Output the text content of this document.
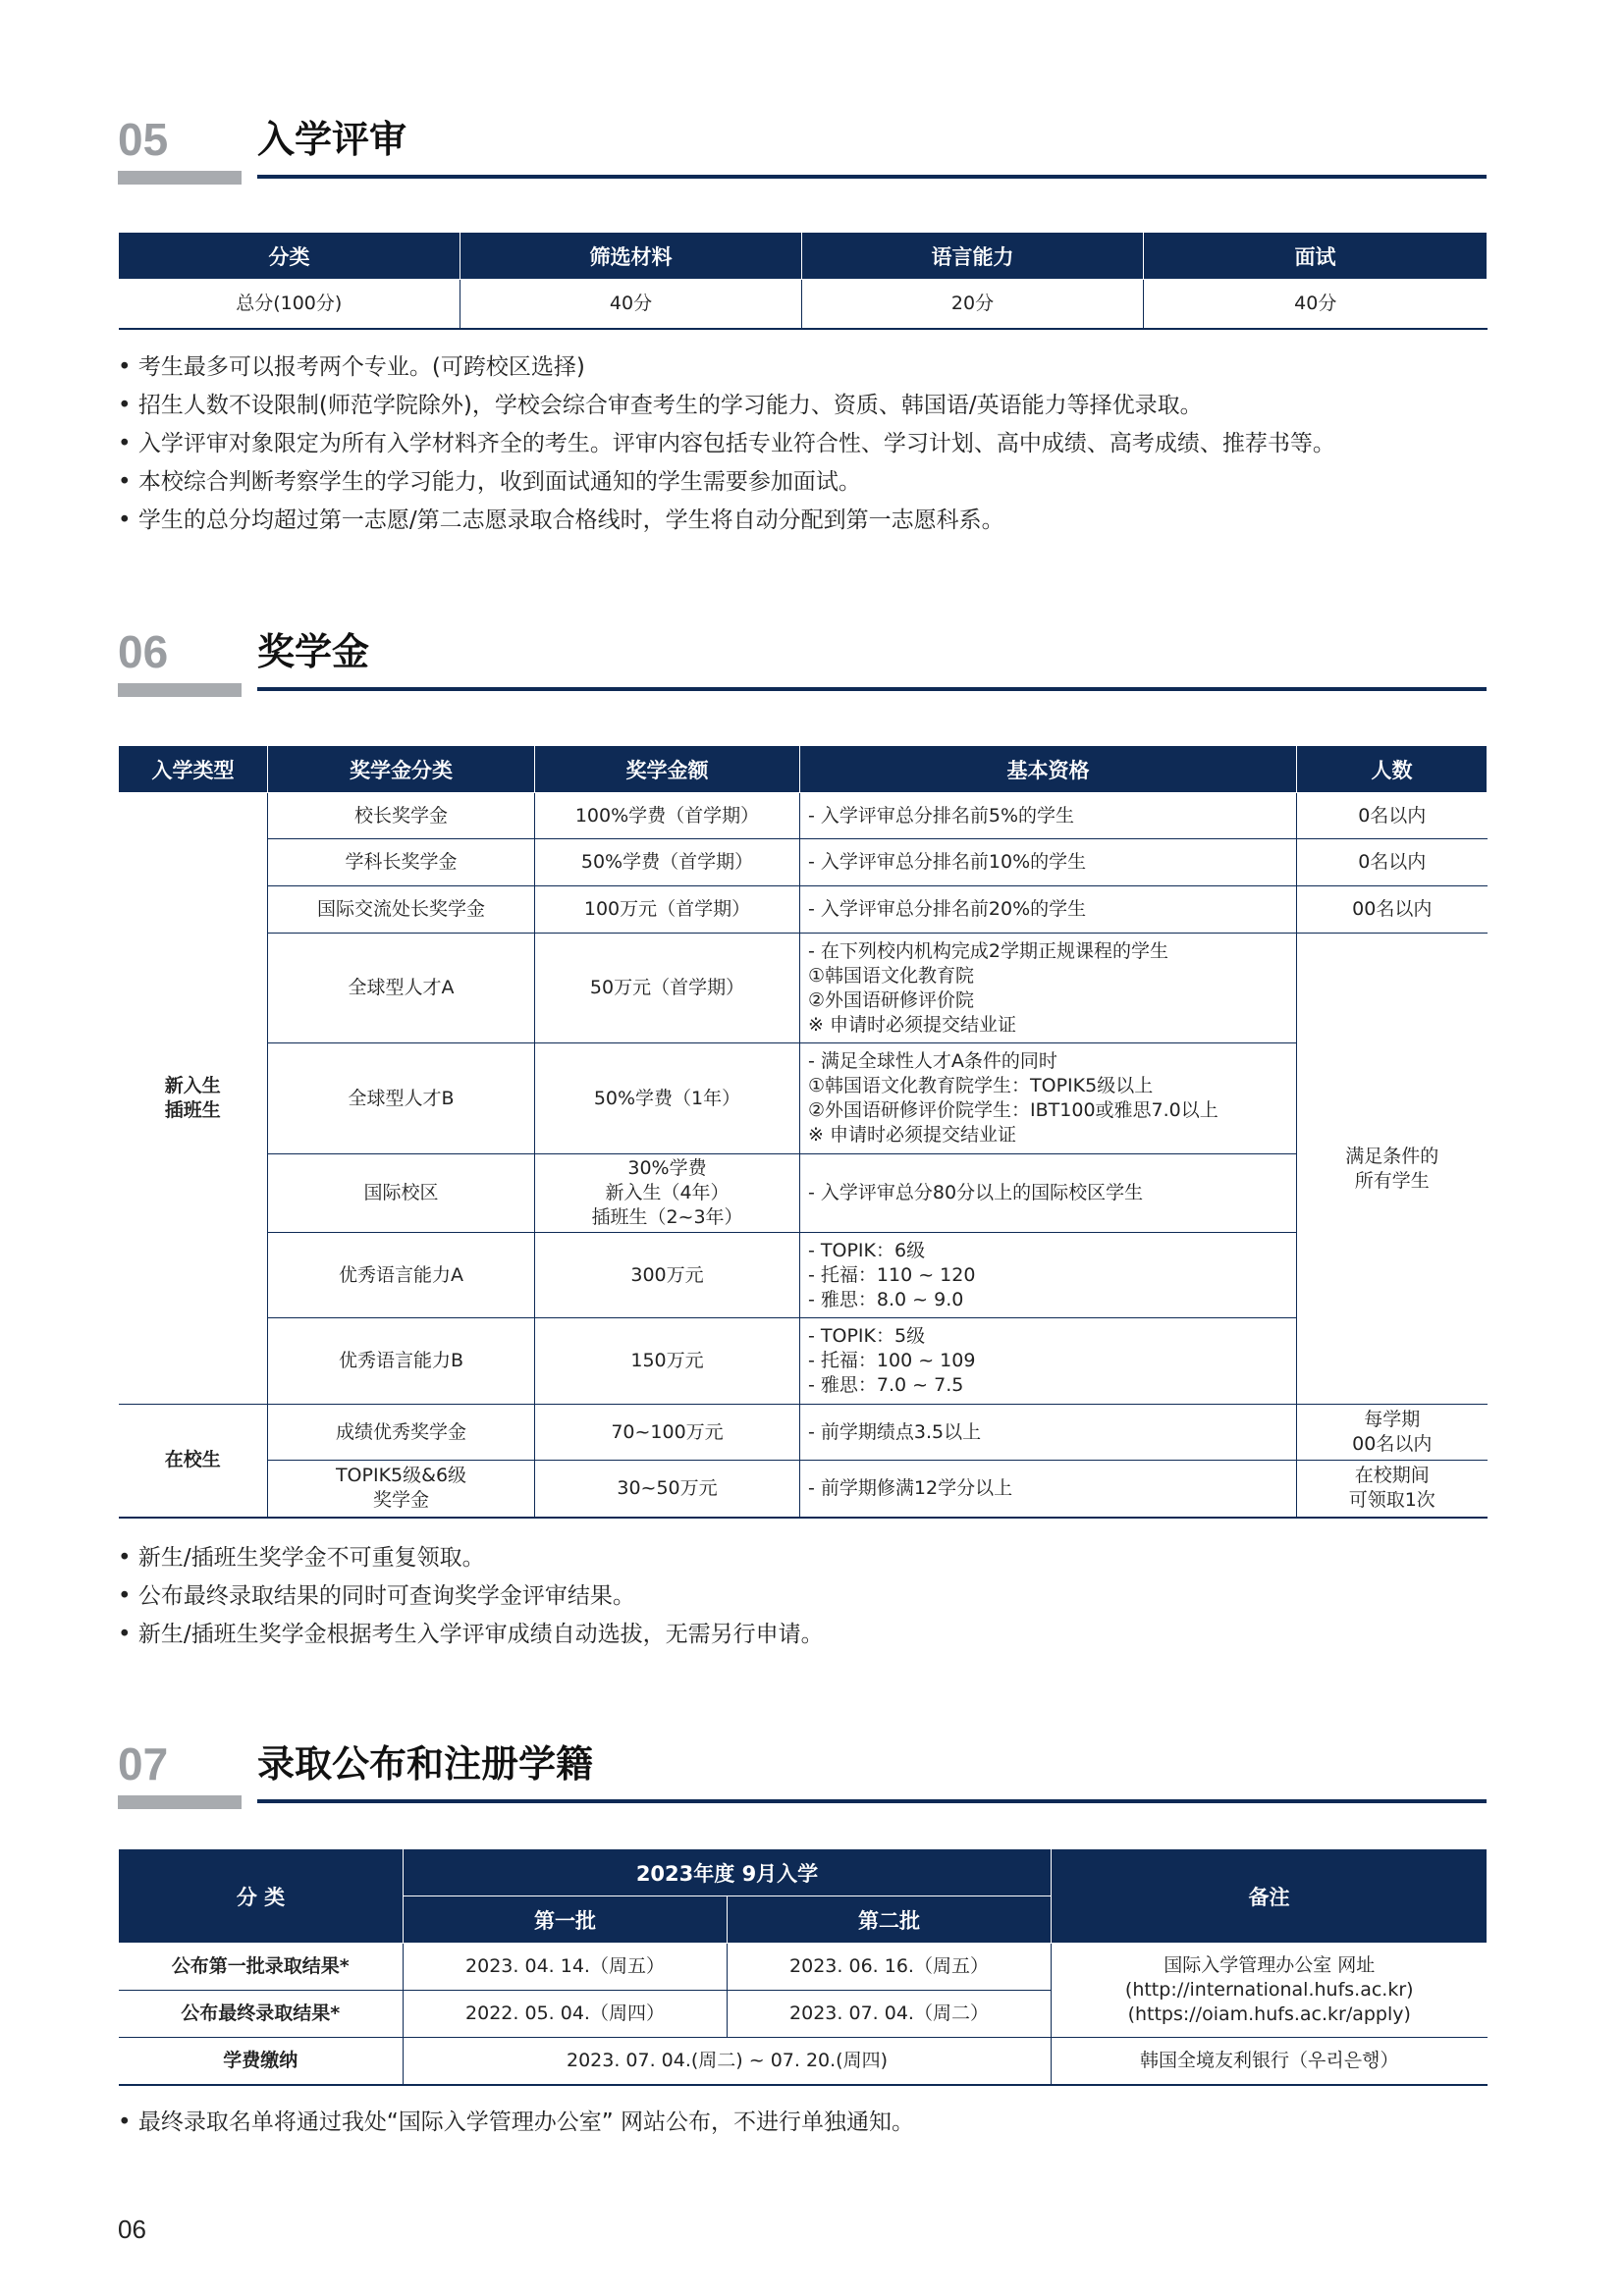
05	入学评审
分类	筛选材料	语言能力	面试
总分(100分)	40分	20分	40分
• 考生最多可以报考两个专业。(可跨校区选择)
• 招生人数不设限制(师范学院除外)，学校会综合审查考生的学习能力、资质、韩国语/英语能力等择优录取。
• 入学评审对象限定为所有入学材料齐全的考生。评审内容包括专业符合性、学习计划、高中成绩、高考成绩、推荐书等。
• 本校综合判断考察学生的学习能力，收到面试通知的学生需要参加面试。
• 学生的总分均超过第一志愿/第二志愿录取合格线时，学生将自动分配到第一志愿科系。
06	奖学金
入学类型	奖学金分类	奖学金额	基本资格	人数
新入生
插班生	校长奖学金	100%学费（首学期）	- 入学评审总分排名前5%的学生	0名以内
	学科长奖学金	50%学费（首学期）	- 入学评审总分排名前10%的学生	0名以内
	国际交流处长奖学金	100万元（首学期）	- 入学评审总分排名前20%的学生	00名以内
	全球型人才A	50万元（首学期）	- 在下列校内机构完成2学期正规课程的学生
①韩国语文化教育院
②外国语研修评价院
※ 申请时必须提交结业证	满足条件的
所有学生
	全球型人才B	50%学费（1年）	- 满足全球性人才A条件的同时
①韩国语文化教育院学生：TOPIK5级以上
②外国语研修评价院学生：IBT100或雅思7.0以上
※ 申请时必须提交结业证	
	国际校区	30%学费
新入生（4年）
插班生（2~3年）	- 入学评审总分80分以上的国际校区学生	
	优秀语言能力A	300万元	- TOPIK：6级
- 托福：110 ~ 120
- 雅思：8.0 ~ 9.0	
	优秀语言能力B	150万元	- TOPIK：5级
- 托福：100 ~ 109
- 雅思：7.0 ~ 7.5	
在校生	成绩优秀奖学金	70~100万元	- 前学期绩点3.5以上	每学期
00名以内
	TOPIK5级&6级
奖学金	30~50万元	- 前学期修满12学分以上	在校期间
可领取1次
• 新生/插班生奖学金不可重复领取。
• 公布最终录取结果的同时可查询奖学金评审结果。
• 新生/插班生奖学金根据考生入学评审成绩自动选拔，无需另行申请。
07	录取公布和注册学籍
分 类	2023年度 9月入学		备注
	第一批	第二批	
公布第一批录取结果*	2023. 04. 14.（周五）	2023. 06. 16.（周五）	国际入学管理办公室 网址
(http://international.hufs.ac.kr)
(https://oiam.hufs.ac.kr/apply)
公布最终录取结果*	2022. 05. 04.（周四）	2023. 07. 04.（周二）	
学费缴纳	2023. 07. 04.(周二) ~ 07. 20.(周四)		韩国全境友利银行（우리은행）
• 最终录取名单将通过我处“国际入学管理办公室” 网站公布，不进行单独通知。
06
